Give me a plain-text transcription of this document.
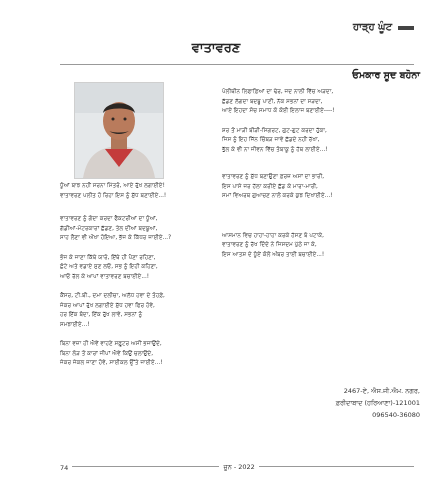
ਹਾੜ੍ਹ ਘੂੰਟ
ਵਾਤਾਵਰਣ
ਓਮਕਾਰ ਸੂਦ ਬਹੋਨਾ

ਪੋਲੀਥੀਨ ਲਿਫਾਫ਼ਿਆਂ ਦਾ ਢੇਰ, ਜਦ ਨਾਲੀ ਵਿੱਚ ਅੜਦਾ,
ਛੱਡਣ ਲੱਗਦਾ ਬਦਬੂ ਪਾਣੀ, ਨੱਕ ਸਭਨਾਂ ਦਾ ਸੜਦਾ,
ਆਏ ਇਹਦਾ ਸੋਚ ਸਮਾਧ ਕੋ ਕੋਈ ਇਲਾਜ ਬਣਾਈਏ----!

ਸ਼ਰ ਤੋਂ ਮਾੜੀ ਬੀੜੀ-ਸਿਗਰਟ, ਗੁਟ-ਗੁਟ ਕਰਦਾ ਹੁੱਕਾ,
ਜਿਸ ਨੂੰ ਇਹ ਜਿੱਨ ਚਿੰਬੜ ਜਾਵੇ ਛੱਡਦੇ ਨਹੀਂ ਰੱਖਾ,
ਭੁੱਲ ਕੇ ਵੀ ਨਾ ਜੀਵਨ ਵਿੱਚ ਤੰਬਾਕੂ ਨੂੰ ਹੱਥ ਲਾਈਏ...!

ਵਾਤਾਵਰਣ ਨੂੰ ਸ਼ੁੱਧ ਬਣਾਉਣਾ ਫ਼ਰਜ਼ ਅਸਾਂ ਦਾ ਭਾਰੀ,
ਇਸ ਪਾਸੇ ਜਰ ਹੱਲਾ ਕਰੀਏ ਛੱਡ ਕੇ ਮਾਰਾ-ਮਾਰੀ,
ਸਮਾਂ ਵਿਅਰਥ ਗੁਆਚਣ ਨਾਲੋਂ ਕਰਕੇ ਕੁਝ ਦਿਖਾਈਏ...!

ਆਸਮਾਨ ਵਿਚ ਹਾਹਾ-ਹਾਹਾ ਕਰਕੇ ਹੱਸਣ ਬੋ ਪਟਾਕੇ,
ਵਾਤਾਵਰਣ ਨੂੰ ਰੱਖ ਦਿੰਦੇ ਨੇ ਜਿਸਦਮ ਪੁੱਠੇ ਜਾ ਕੇ,
ਇਸ ਆਤਸ਼ ਦੇ ਧੂੰਏਂ ਕੋਲੋਂ ਅੰਬਰ ਤਾਈਂ ਬਚਾਈਏ...!

ਧੂੰਆਂ ਬਾਝ ਨਹੀਂ ਸਰਨਾ ਮਿੱਤਰੋ, ਆਏ ਰੁੱਖ ਲਗਾਈਏ!
ਵਾਤਾਵਰਣ ਪਲੀਤ ਹੋ ਰਿਹਾ ਇਸ ਨੂੰ ਸ਼ੁੱਧ ਬਣਾਈਏ...!

ਵਾਤਾਵਰਣ ਨੂੰ ਗੰਦਾ ਕਰਦਾ ਫੈਕਟਰੀਆਂ ਦਾ ਧੂੰਆਂ,
ਗੱਡੀਆਂ-ਮੋਟਰਕਾਰਾਂ ਛੱਡਣ, ਤੇਲ ਦੀਆਂ ਬਦਬੂਆਂ,
ਸਾਹ ਲੈਣਾ ਵੀ ਔਖਾ ਹੋਇਆ, ਭੱਜ ਕੇ ਕਿੱਧਰ ਜਾਈਏ...?

ਭੋਜ ਕੇ ਜਾਣਾ ਕਿੱਥੇ ਯਾਰੋ, ਇੱਥੇ ਹੀ ਪੈਣਾ ਰਹਿਣਾ,
ਛੋਟੇ ਅਤੇ ਵਡਾਏ ਸੁਣ ਲਓ, ਸਭ ਨੂੰ ਇਹੀ ਕਹਿਣਾ,
ਆਓ ਰੱਲ ਕੇ ਆਪਾਂ ਵਾਤਾਵਰਣ ਬਚਾਈਏ...!

ਕੈਂਸਰ, ਟੀ.ਬੀ., ਦਮਾ ਦਲੀਚਾ, ਅਲੱਧ ਹਵਾ ਦੇ ਤੋਹਫ਼ੇ,
ਜੇਕਰ ਆਪਾਂ ਰੁੱਖ ਲਗਾਈਏ ਸ਼ੁੱਧ ਹਵਾ ਫਿਰ ਹੋਵੇ,
ਹਰ ਇੱਕ ਬੰਦਾ, ਇੱਕ ਰੁੱਖ ਲਾਵੇ, ਸਭਨਾਂ ਨੂੰ
ਸਮਝਾਈਏ...!

ਬਿਨਾ ਵਜ਼ਾ ਹੀ ਐਵੇਂ ਵਾਹਣੇ ਸਫ਼ੂਟਰ ਅਸੀਂ ਭਜਾਉਂਦੇ,
ਬਿਨਾ ਲੋੜ ਤੋਂ ਕਾਰਾਂ ਜੀਪਾਂ ਐਵੇਂ ਕਿਉਂ ਚਲਾਉਂਦੇ,
ਜੇਕਰ ਜੇਕਲ ਜਾਣਾ ਹੋਵੇ, ਸਾਈਕਲ ਉੱਤੇ ਜਾਈਏ...!

2467-ਏ, ਐਸ.ਜੀ.ਐਮ. ਨਗਰ,
ਫ਼ਰੀਦਾਬਾਦ (ਹਰਿਆਣਾ)-121001
096540-36080
74	ਜੂਨ - 2022
